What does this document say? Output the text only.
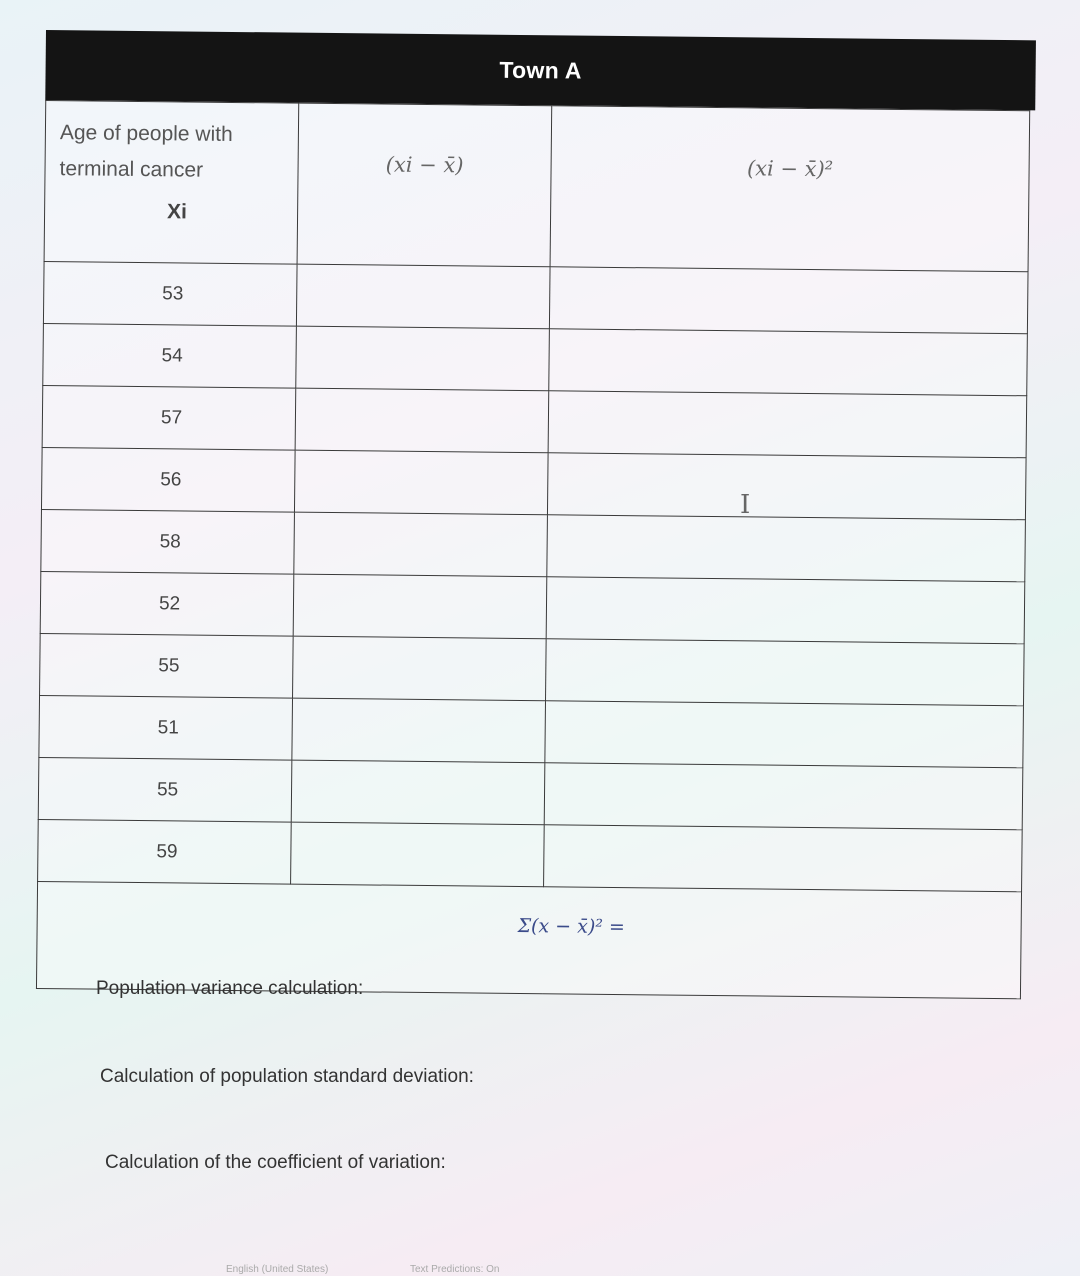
Town A
Age of people with
terminal cancer
Xi	(xi − x̄)	(xi − x̄)²
53		
54		
57		
56		
58		
52		
55		
51		
55		
59		
Σ(x − x̄)² =		
I
Population variance calculation:
Calculation of population standard deviation:
Calculation of the coefficient of variation:
English (United States)	Text Predictions: On
